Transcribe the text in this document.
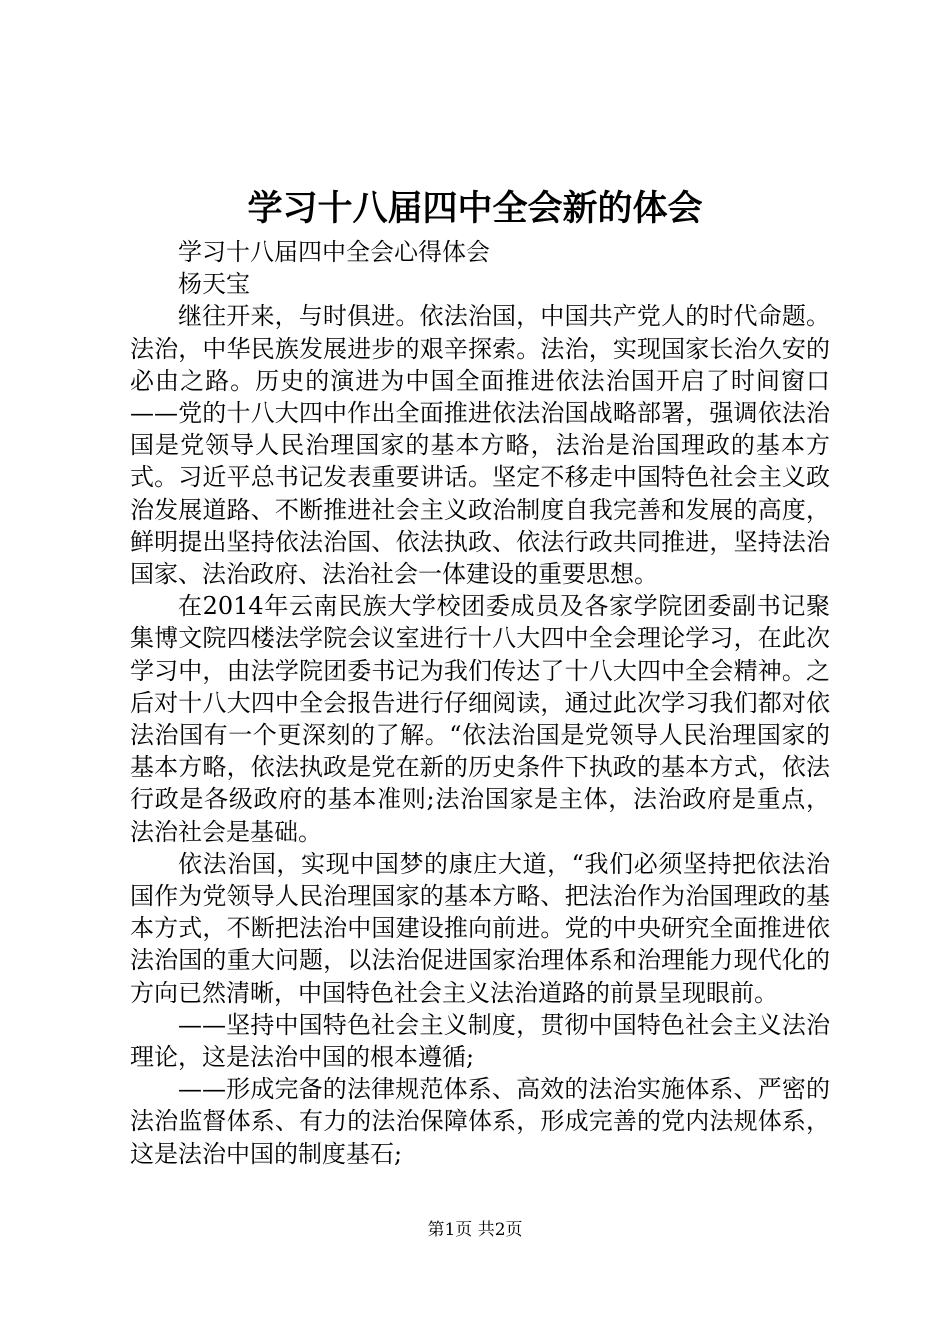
学习十八届四中全会新的体会

学习十八届四中全会心得体会

杨天宝

继往开来，与时俱进。依法治国，中国共产党人的时代命题。法治，中华民族发展进步的艰辛探索。法治，实现国家长治久安的必由之路。历史的演进为中国全面推进依法治国开启了时间窗口——党的十八大四中作出全面推进依法治国战略部署，强调依法治国是党领导人民治理国家的基本方略，法治是治国理政的基本方式。习近平总书记发表重要讲话。坚定不移走中国特色社会主义政治发展道路、不断推进社会主义政治制度自我完善和发展的高度，鲜明提出坚持依法治国、依法执政、依法行政共同推进，坚持法治国家、法治政府、法治社会一体建设的重要思想。

在2014年云南民族大学校团委成员及各家学院团委副书记聚集博文院四楼法学院会议室进行十八大四中全会理论学习，在此次学习中，由法学院团委书记为我们传达了十八大四中全会精神。之后对十八大四中全会报告进行仔细阅读，通过此次学习我们都对依法治国有一个更深刻的了解。“依法治国是党领导人民治理国家的基本方略，依法执政是党在新的历史条件下执政的基本方式，依法行政是各级政府的基本准则;法治国家是主体，法治政府是重点，法治社会是基础。

依法治国，实现中国梦的康庄大道，“我们必须坚持把依法治国作为党领导人民治理国家的基本方略、把法治作为治国理政的基本方式，不断把法治中国建设推向前进。党的中央研究全面推进依法治国的重大问题，以法治促进国家治理体系和治理能力现代化的方向已然清晰，中国特色社会主义法治道路的前景呈现眼前。

——坚持中国特色社会主义制度，贯彻中国特色社会主义法治理论，这是法治中国的根本遵循;

——形成完备的法律规范体系、高效的法治实施体系、严密的法治监督体系、有力的法治保障体系，形成完善的党内法规体系，这是法治中国的制度基石;

第1页 共2页
